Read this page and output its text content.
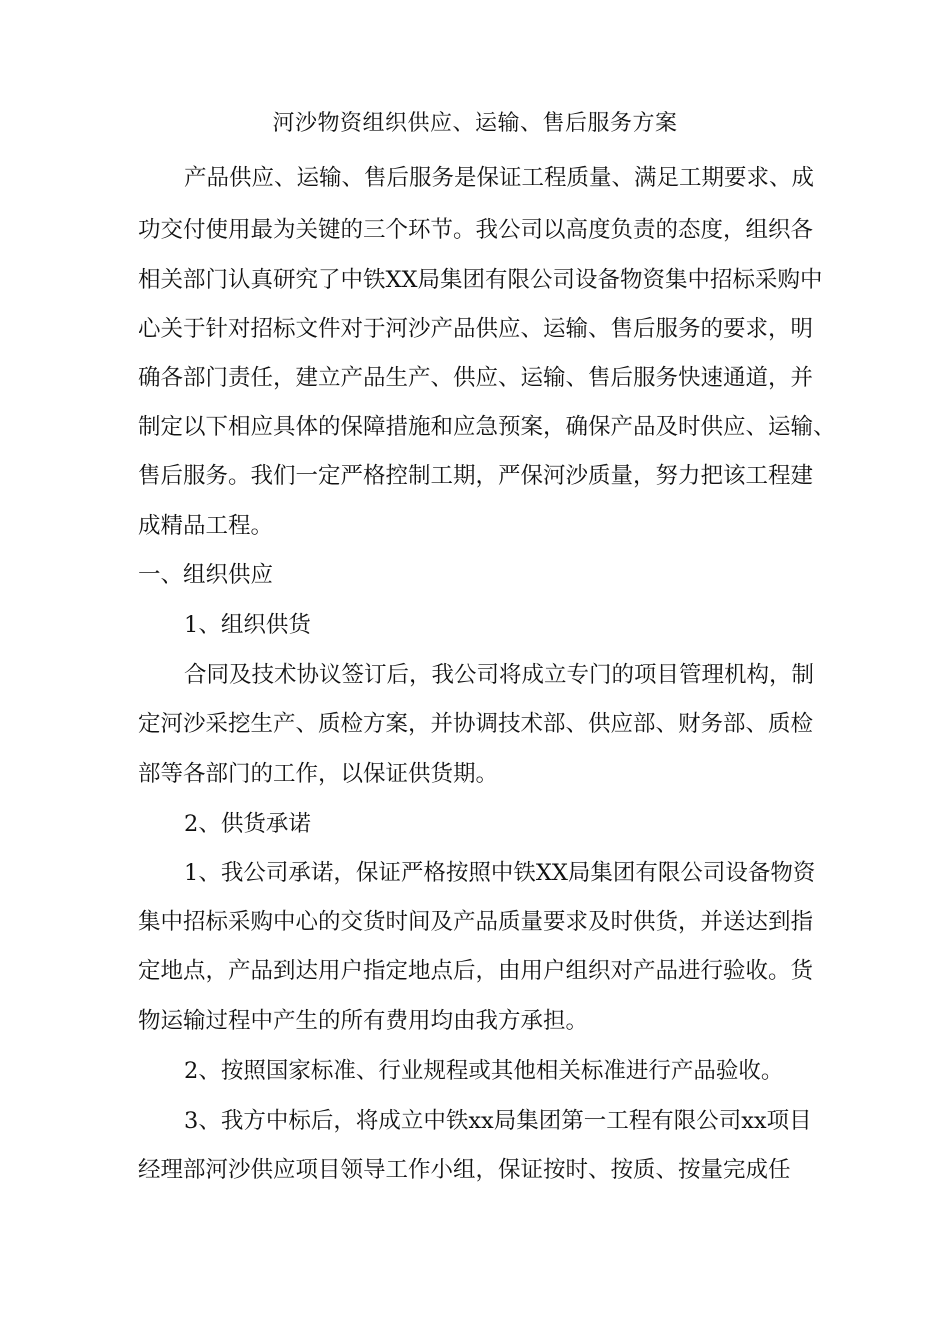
河沙物资组织供应、运输、售后服务方案
产品供应、运输、售后服务是保证工程质量、满足工期要求、成
功交付使用最为关键的三个环节。我公司以高度负责的态度，组织各
相关部门认真研究了中铁XX局集团有限公司设备物资集中招标采购中
心关于针对招标文件对于河沙产品供应、运输、售后服务的要求，明
确各部门责任，建立产品生产、供应、运输、售后服务快速通道，并
制定以下相应具体的保障措施和应急预案，确保产品及时供应、运输、
售后服务。我们一定严格控制工期，严保河沙质量，努力把该工程建
成精品工程。
一、组织供应
1、组织供货
合同及技术协议签订后，我公司将成立专门的项目管理机构，制
定河沙采挖生产、质检方案，并协调技术部、供应部、财务部、质检
部等各部门的工作，以保证供货期。
2、供货承诺
1、我公司承诺，保证严格按照中铁XX局集团有限公司设备物资
集中招标采购中心的交货时间及产品质量要求及时供货，并送达到指
定地点，产品到达用户指定地点后，由用户组织对产品进行验收。货
物运输过程中产生的所有费用均由我方承担。
2、按照国家标准、行业规程或其他相关标准进行产品验收。
3、我方中标后，将成立中铁xx局集团第一工程有限公司xx项目
经理部河沙供应项目领导工作小组，保证按时、按质、按量完成任
